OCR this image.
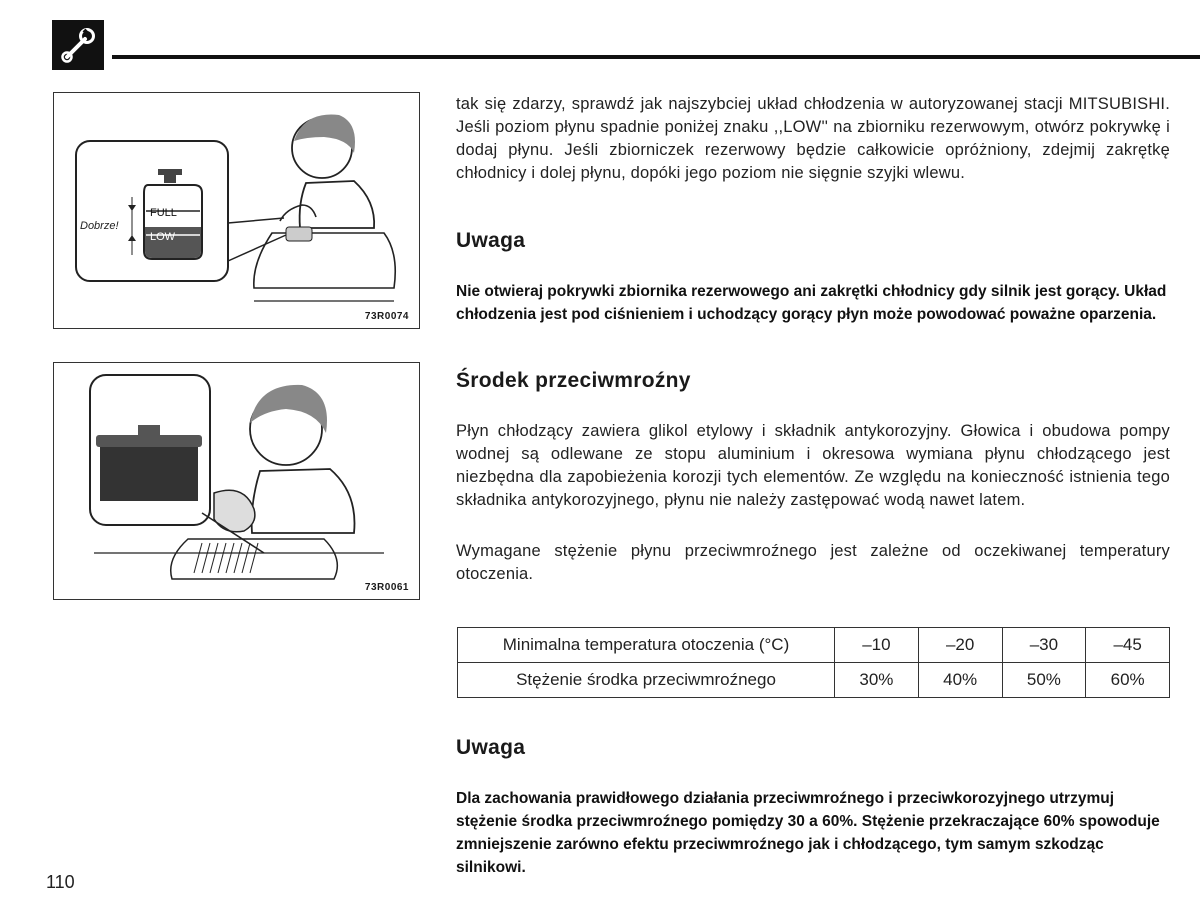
FULL
LOW
Dobrze!
73R0074
73R0061
tak się zdarzy, sprawdź jak najszybciej układ chłodzenia w autoryzowanej stacji MITSUBISHI. Jeśli poziom płynu spadnie poniżej znaku ,,LOW'' na zbiorniku rezerwowym, otwórz pokrywkę i dodaj płynu. Jeśli zbiorniczek rezerwowy będzie całkowicie opróżniony, zdejmij zakrętkę chłodnicy i dolej płynu, dopóki jego poziom nie sięgnie szyjki wlewu.
Uwaga
Nie otwieraj pokrywki zbiornika rezerwowego ani zakrętki chłodnicy gdy silnik jest gorący. Układ chłodzenia jest pod ciśnieniem i uchodzący gorący płyn może powodować poważne oparzenia.
Środek przeciwmroźny
Płyn chłodzący zawiera glikol etylowy i składnik antykorozyjny. Głowica i obudowa pompy wodnej są odlewane ze stopu aluminium i okresowa wymiana płynu chłodzącego jest niezbędna dla zapobieżenia korozji tych elementów. Ze względu na konieczność istnienia tego składnika antykorozyjnego, płynu nie należy zastępować wodą nawet latem.
Wymagane stężenie płynu przeciwmroźnego jest zależne od oczekiwanej temperatury otoczenia.
Minimalna temperatura otoczenia (°C)	–10	–20	–30	–45
Stężenie środka przeciwmroźnego	30%	40%	50%	60%
Uwaga
Dla zachowania prawidłowego działania przeciwmroźnego i przeciwkorozyjnego utrzymuj stężenie środka przeciwmroźnego pomiędzy 30 a 60%. Stężenie przekraczające 60% spowoduje zmniejszenie zarówno efektu przeciwmroźnego jak i chłodzącego, tym samym szkodząc silnikowi.
110
